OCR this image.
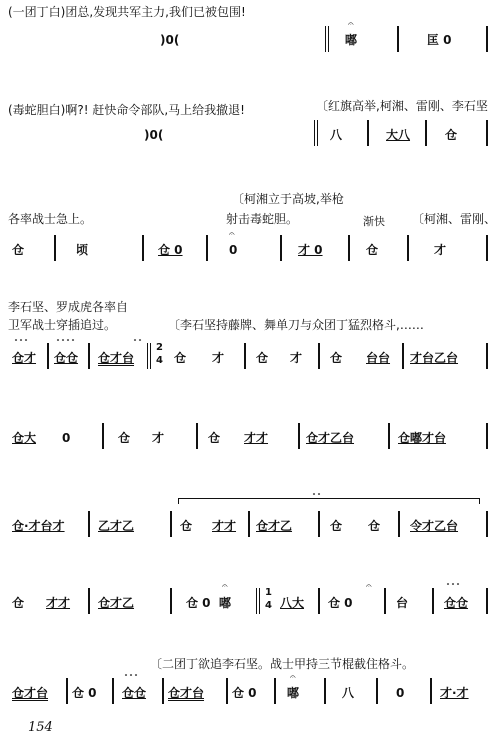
(一团丁白)团总,发现共军主力,我们已被包围!
(毒蛇胆白)啊?! 赶快命令部队,马上给我撤退!	〔红旗高举,柯湘、雷刚、李石坚
〔柯湘立于高坡,举枪
各率战士急上。	射击毒蛇胆。	渐快 〔柯湘、雷刚、
李石坚、罗成虎各率自
卫军战士穿插追过。	〔李石坚持藤牌、舞单刀与众团丁猛烈格斗,……
〔二团丁欲追李石坚。战士甲持三节棍截住格斗。
)0(
𝄐
嘟	匡 0
)0(	八	大八	仓
仓	顷	仓 0
𝄐
0	才 0	仓	才
˚˚˚
仓才
˚˚˚˚
仓仓
˚˚
仓才台
2
4 仓 才	仓 才 仓 台台 才台乙台
仓大 0	仓 才	仓 才才	仓才乙台	仓嘟才台
˚˚
仓·才台才	乙才乙	仓 才才 仓才乙	仓 仓 令才乙台
仓 才才 仓才乙	仓 0
𝄐
嘟
1
4 八大
𝄐
仓 0	台
˚˚˚
仓仓
仓才台 仓 0
˚˚˚
仓仓 仓才台 仓 0
𝄐
嘟	八	0	才·才
154
